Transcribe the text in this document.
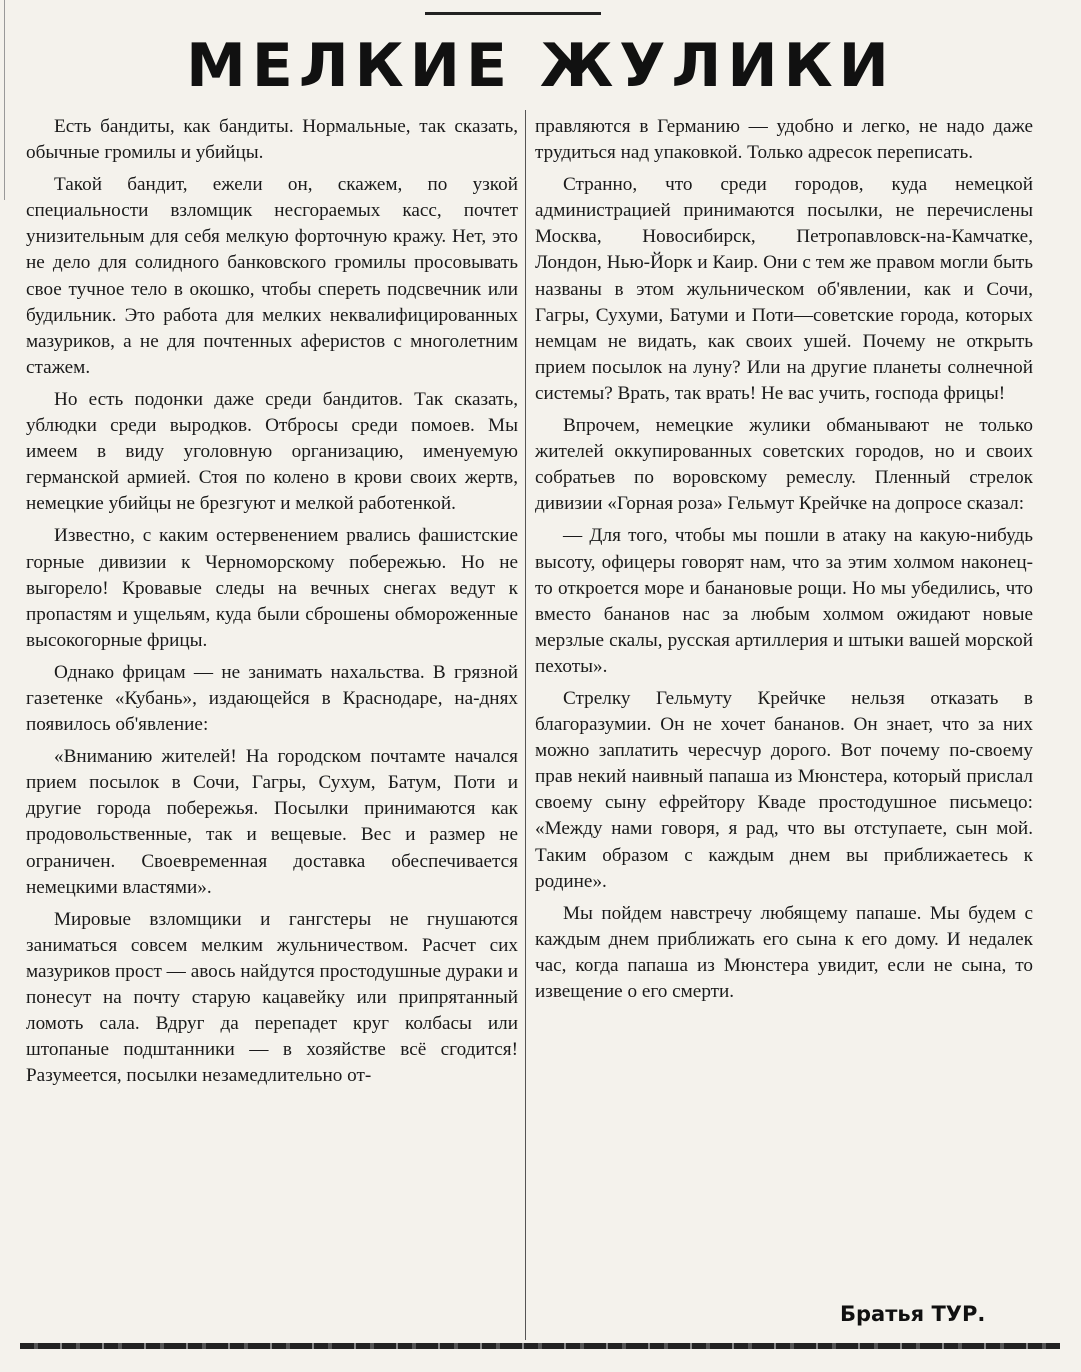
МЕЛКИЕ ЖУЛИКИ

Есть бандиты, как бандиты. Нормальные, так сказать, обычные громилы и убийцы.

Такой бандит, ежели он, скажем, по узкой специальности взломщик несгораемых касс, почтет унизительным для себя мелкую форточную кражу. Нет, это не дело для солидного банковского громилы просовывать свое тучное тело в окошко, чтобы спереть подсвечник или будильник. Это работа для мелких неквалифицированных мазуриков, а не для почтенных аферистов с многолетним стажем.

Но есть подонки даже среди бандитов. Так сказать, ублюдки среди выродков. Отбросы среди помоев. Мы имеем в виду уголовную организацию, именуемую германской армией. Стоя по колено в крови своих жертв, немецкие убийцы не брезгуют и мелкой работенкой.

Известно, с каким остервенением рвались фашистские горные дивизии к Черноморскому побережью. Но не выгорело! Кровавые следы на вечных снегах ведут к пропастям и ущельям, куда были сброшены обмороженные высокогорные фрицы.

Однако фрицам — не занимать нахальства. В грязной газетенке «Кубань», издающейся в Краснодаре, на-днях появилось об'явление:

«Вниманию жителей! На городском почтамте начался прием посылок в Сочи, Гагры, Сухум, Батум, Поти и другие города побережья. Посылки принимаются как продовольственные, так и вещевые. Вес и размер не ограничен. Своевременная доставка обеспечивается немецкими властями».

Мировые взломщики и гангстеры не гнушаются заниматься совсем мелким жульничеством. Расчет сих мазуриков прост — авось найдутся простодушные дураки и понесут на почту старую кацавейку или припрятанный ломоть сала. Вдруг да перепадет круг колбасы или штопаные подштанники — в хозяйстве всё сгодится! Разумеется, посылки незамедлительно от-

правляются в Германию — удобно и легко, не надо даже трудиться над упаковкой. Только адресок переписать.

Странно, что среди городов, куда немецкой администрацией принимаются посылки, не перечислены Москва, Новосибирск, Петропавловск-на-Камчатке, Лондон, Нью-Йорк и Каир. Они с тем же правом могли быть названы в этом жульническом об'явлении, как и Сочи, Гагры, Сухуми, Батуми и Поти—советские города, которых немцам не видать, как своих ушей. Почему не открыть прием посылок на луну? Или на другие планеты солнечной системы? Врать, так врать! Не вас учить, господа фрицы!

Впрочем, немецкие жулики обманывают не только жителей оккупированных советских городов, но и своих собратьев по воровскому ремеслу. Пленный стрелок дивизии «Горная роза» Гельмут Крейчке на допросе сказал:

— Для того, чтобы мы пошли в атаку на какую-нибудь высоту, офицеры говорят нам, что за этим холмом наконец-то откроется море и банановые рощи. Но мы убедились, что вместо бананов нас за любым холмом ожидают новые мерзлые скалы, русская артиллерия и штыки вашей морской пехоты».

Стрелку Гельмуту Крейчке нельзя отказать в благоразумии. Он не хочет бананов. Он знает, что за них можно заплатить чересчур дорого. Вот почему по-своему прав некий наивный папаша из Мюнстера, который прислал своему сыну ефрейтору Кваде простодушное письмецо: «Между нами говоря, я рад, что вы отступаете, сын мой. Таким образом с каждым днем вы приближаетесь к родине».

Мы пойдем навстречу любящему папаше. Мы будем с каждым днем приближать его сына к его дому. И недалек час, когда папаша из Мюнстера увидит, если не сына, то извещение о его смерти.

Братья ТУР.
